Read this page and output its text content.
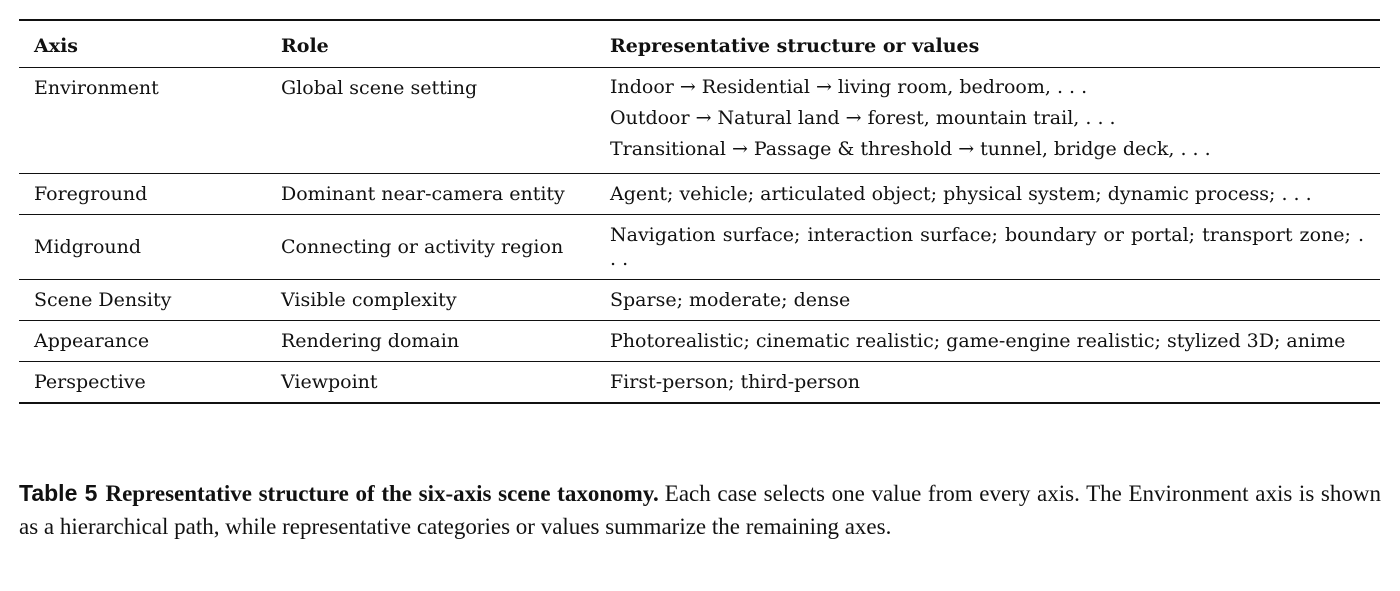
Axis	Role	Representative structure or values
Environment	Global scene setting	Indoor → Residential → living room, bedroom, . . .
Outdoor → Natural land → forest, mountain trail, . . .
Transitional → Passage & threshold → tunnel, bridge deck, . . .

Foreground	Dominant near-camera entity	Agent; vehicle; articulated object; physical system; dynamic process; . . .
Midground	Connecting or activity region	Navigation surface; interaction surface; boundary or portal; transport zone; . . .
Scene Density	Visible complexity	Sparse; moderate; dense
Appearance	Rendering domain	Photorealistic; cinematic realistic; game-engine realistic; stylized 3D; anime
Perspective	Viewpoint	First-person; third-person
Table 5 Representative structure of the six-axis scene taxonomy. Each case selects one value from every axis. The Environment axis is shown as a hierarchical path, while representative categories or values summarize the remaining axes.
